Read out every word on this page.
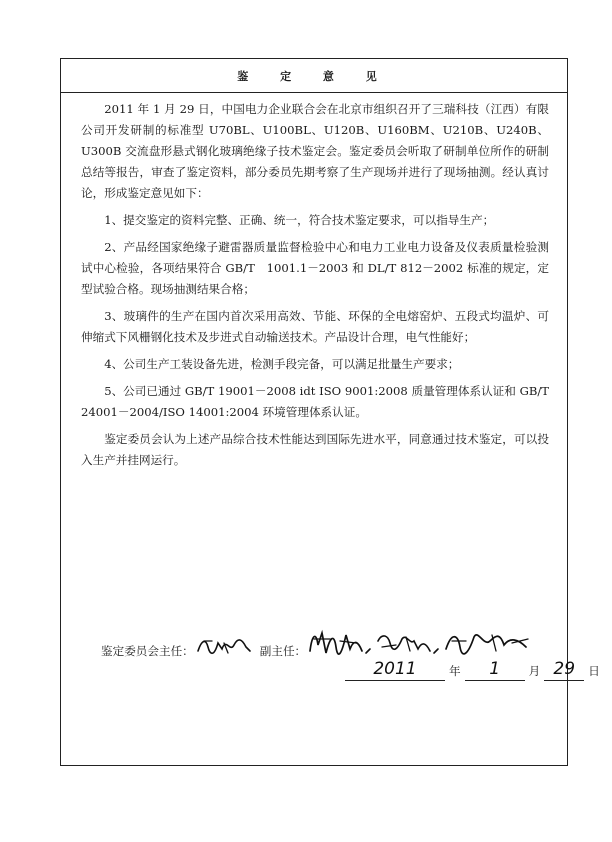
鉴 定 意 见

2011 年 1 月 29 日，中国电力企业联合会在北京市组织召开了三瑞科技（江西）有限公司开发研制的标准型 U70BL、U100BL、U120B、U160BM、U210B、U240B、U300B 交流盘形悬式钢化玻璃绝缘子技术鉴定会。鉴定委员会听取了研制单位所作的研制总结等报告，审查了鉴定资料，部分委员先期考察了生产现场并进行了现场抽测。经认真讨论，形成鉴定意见如下：

1、提交鉴定的资料完整、正确、统一，符合技术鉴定要求，可以指导生产；

2、产品经国家绝缘子避雷器质量监督检验中心和电力工业电力设备及仪表质量检验测试中心检验，各项结果符合 GB/T　1001.1－2003 和 DL/T 812－2002 标准的规定，定型试验合格。现场抽测结果合格；

3、玻璃件的生产在国内首次采用高效、节能、环保的全电熔窑炉、五段式均温炉、可伸缩式下风栅钢化技术及步进式自动输送技术。产品设计合理，电气性能好；

4、公司生产工装设备先进，检测手段完备，可以满足批量生产要求；

5、公司已通过 GB/T 19001－2008 idt ISO 9001:2008 质量管理体系认证和 GB/T 24001－2004/ISO 14001:2004 环境管理体系认证。

鉴定委员会认为上述产品综合技术性能达到国际先进水平，同意通过技术鉴定，可以投入生产并挂网运行。

鉴定委员会主任：	副主任：
2011	年	1	月 29	日
